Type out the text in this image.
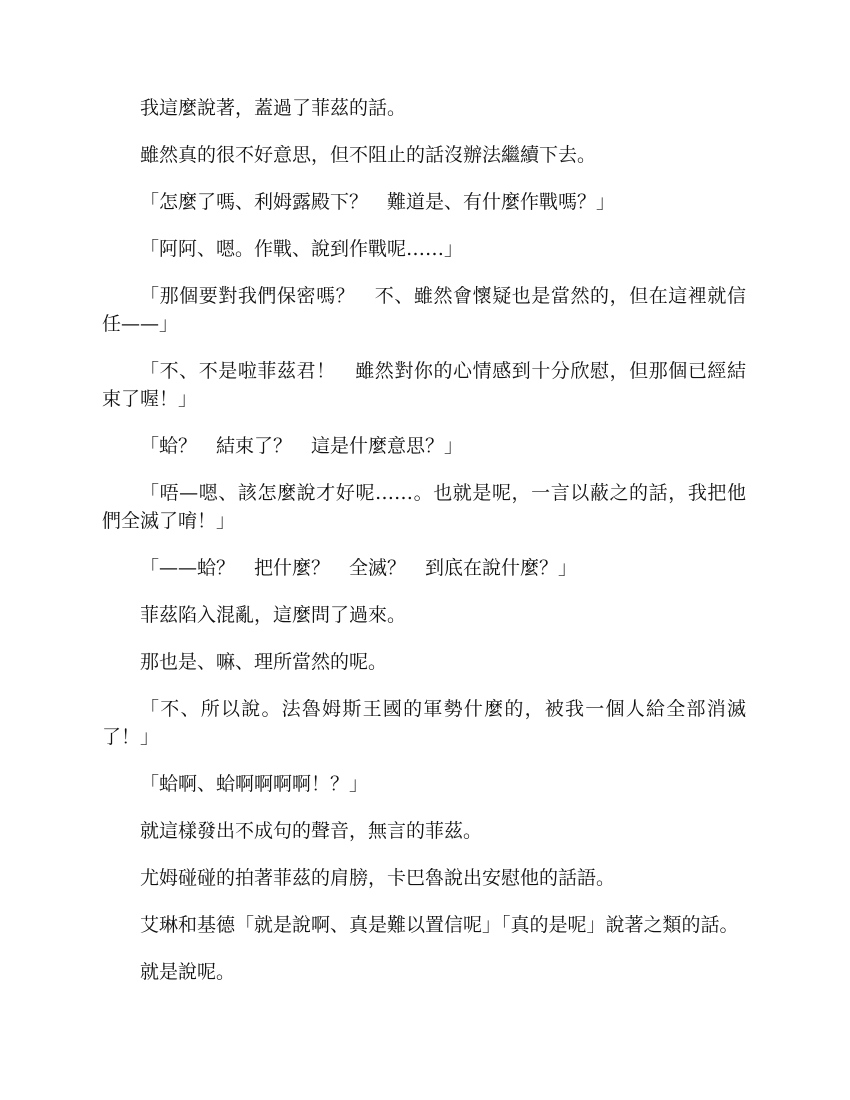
我這麼說著，蓋過了菲茲的話。

雖然真的很不好意思，但不阻止的話沒辦法繼續下去。

「怎麼了嗎、利姆露殿下？　難道是、有什麼作戰嗎？」

「阿阿、嗯。作戰、說到作戰呢……」

「那個要對我們保密嗎？　不、雖然會懷疑也是當然的，但在這裡就信任——」

「不、不是啦菲茲君！　雖然對你的心情感到十分欣慰，但那個已經結束了喔！」

「蛤？　結束了？　這是什麼意思？」

「唔—嗯、該怎麼說才好呢……。也就是呢，一言以蔽之的話，我把他們全滅了唷！」

「——蛤？　把什麼？　全滅？　到底在說什麼？」

菲茲陷入混亂，這麼問了過來。

那也是、嘛、理所當然的呢。

「不、所以說。法魯姆斯王國的軍勢什麼的，被我一個人給全部消滅了！」

「蛤啊、蛤啊啊啊啊！？」

就這樣發出不成句的聲音，無言的菲茲。

尤姆碰碰的拍著菲茲的肩膀，卡巴魯說出安慰他的話語。

艾琳和基德「就是說啊、真是難以置信呢」「真的是呢」說著之類的話。

就是說呢。
